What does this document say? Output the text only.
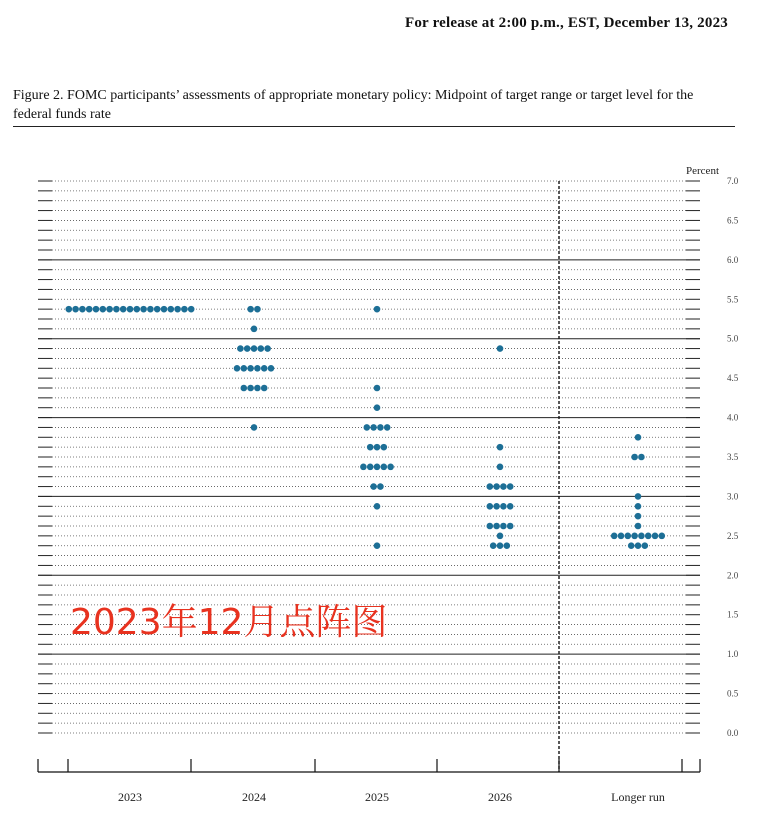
For release at 2:00 p.m., EST, December 13, 2023
Figure 2. FOMC participants’ assessments of appropriate monetary policy: Midpoint of target range or target level for the federal funds rate
7.0
6.5
6.0
5.5
5.0
4.5
4.0
3.5
3.0
2.5
2.0
1.5
1.0
0.5
0.0
2023	2024	2025	2026	Longer run
Percent
2023年12月点阵图
